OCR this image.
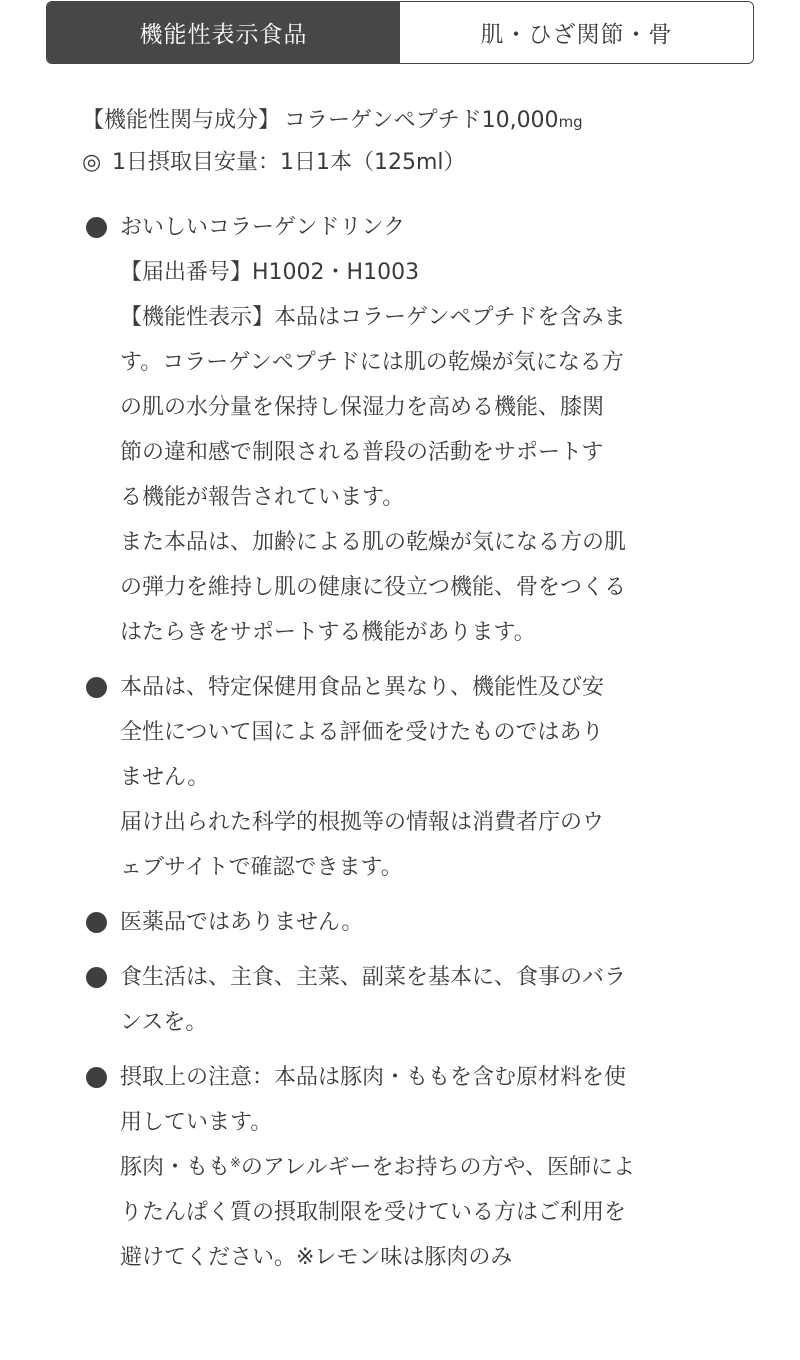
機能性表示食品	肌・ひざ関節・骨
【機能性関与成分】 コラーゲンペプチド10,000mg
◎ 1日摂取目安量：1日1本（125ml）
おいしいコラーゲンドリンク
【届出番号】H1002・H1003
【機能性表示】本品はコラーゲンペプチドを含みま
す。コラーゲンペプチドには肌の乾燥が気になる方
の肌の水分量を保持し保湿力を高める機能、膝関
節の違和感で制限される普段の活動をサポートす
る機能が報告されています。
また本品は、加齢による肌の乾燥が気になる方の肌
の弾力を維持し肌の健康に役立つ機能、骨をつくる
はたらきをサポートする機能があります。
本品は、特定保健用食品と異なり、機能性及び安
全性について国による評価を受けたものではあり
ません。
届け出られた科学的根拠等の情報は消費者庁のウ
ェブサイトで確認できます。
医薬品ではありません。
食生活は、主食、主菜、副菜を基本に、食事のバラ
ンスを。
摂取上の注意：本品は豚肉・ももを含む原材料を使
用しています。
豚肉・もも※のアレルギーをお持ちの方や、医師によ
りたんぱく質の摂取制限を受けている方はご利用を
避けてください。※レモン味は豚肉のみ
